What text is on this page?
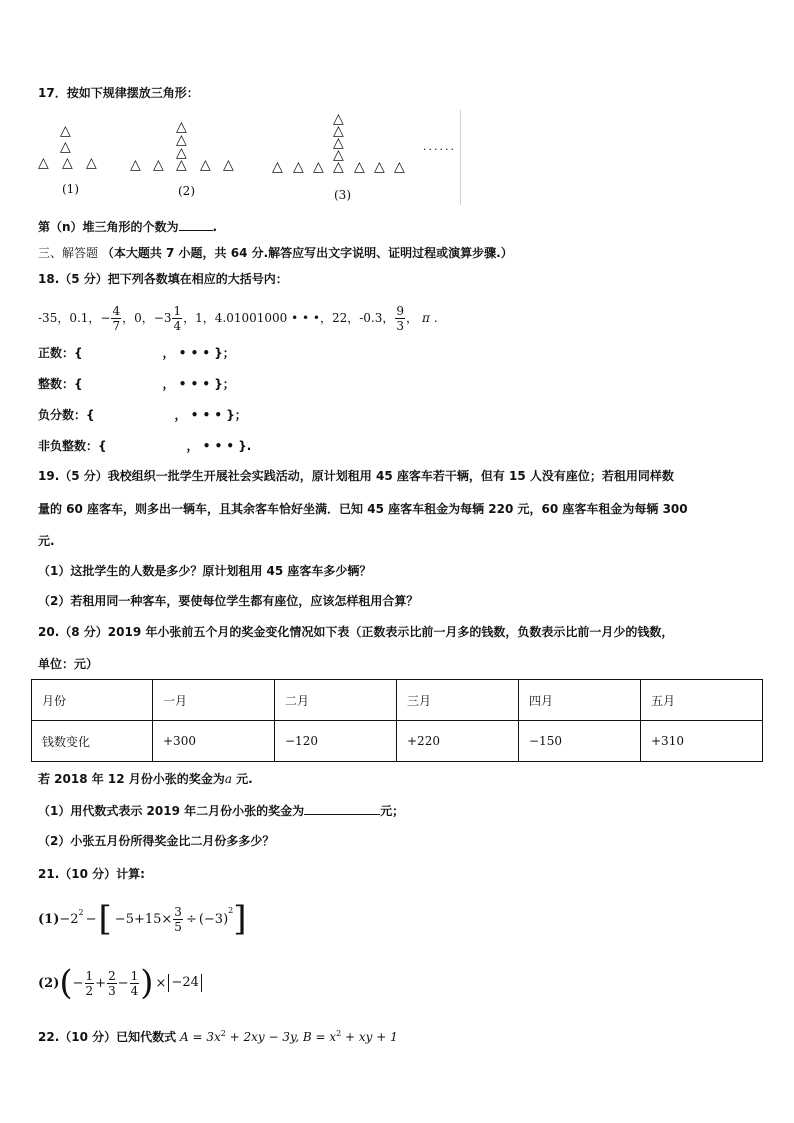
17．按如下规律摆放三角形：
(1)	(2)	(3)
......
第（n）堆三角形的个数为	.
三、解答题 （本大题共 7 小题，共 64 分.解答应写出文字说明、证明过程或演算步骤.）
18.（5 分）把下列各数填在相应的大括号内：
-35，0.1， − $\frac{4}{7}$ ，0， $-3 \frac{1}{4}$ ，1，4.01001000 • • •，22，-0.3， $\frac{9}{3}$ ， π .
正数：{	， • • • }；
整数：{	， • • • }；
负分数：{	， • • • }；
非负整数：{	， • • • }.
19.（5 分）我校组织一批学生开展社会实践活动，原计划租用 45 座客车若干辆，但有 15 人没有座位；若租用同样数
量的 60 座客车，则多出一辆车，且其余客车恰好坐满．已知 45 座客车租金为每辆 220 元，60 座客车租金为每辆 300
元.
（1）这批学生的人数是多少？原计划租用 45 座客车多少辆？
（2）若租用同一种客车，要使每位学生都有座位，应该怎样租用合算？
20.（8 分）2019 年小张前五个月的奖金变化情况如下表（正数表示比前一月多的钱数，负数表示比前一月少的钱数，
单位：元）
月份	一月	二月	三月	四月	五月
钱数变化	+300	−120	+220	−150	+310
若 2018 年 12 月份小张的奖金为a 元.
（1）用代数式表示 2019 年二月份小张的奖金为	元；
（2）小张五月份所得奖金比二月份多多少？
21.（10 分）计算:
$(1) -2^2$ − [ $-5+15\times \frac{3}{5} \div (-3)$
$^2$ ]
(2) ( − $\frac{1}{2} + \frac{2}{3} - \frac{1}{4}$ ) × −24
22.（10 分）已知代数式 $A = 3x^2 + 2xy - 3y$, $B = x^2$ + xy + 1
